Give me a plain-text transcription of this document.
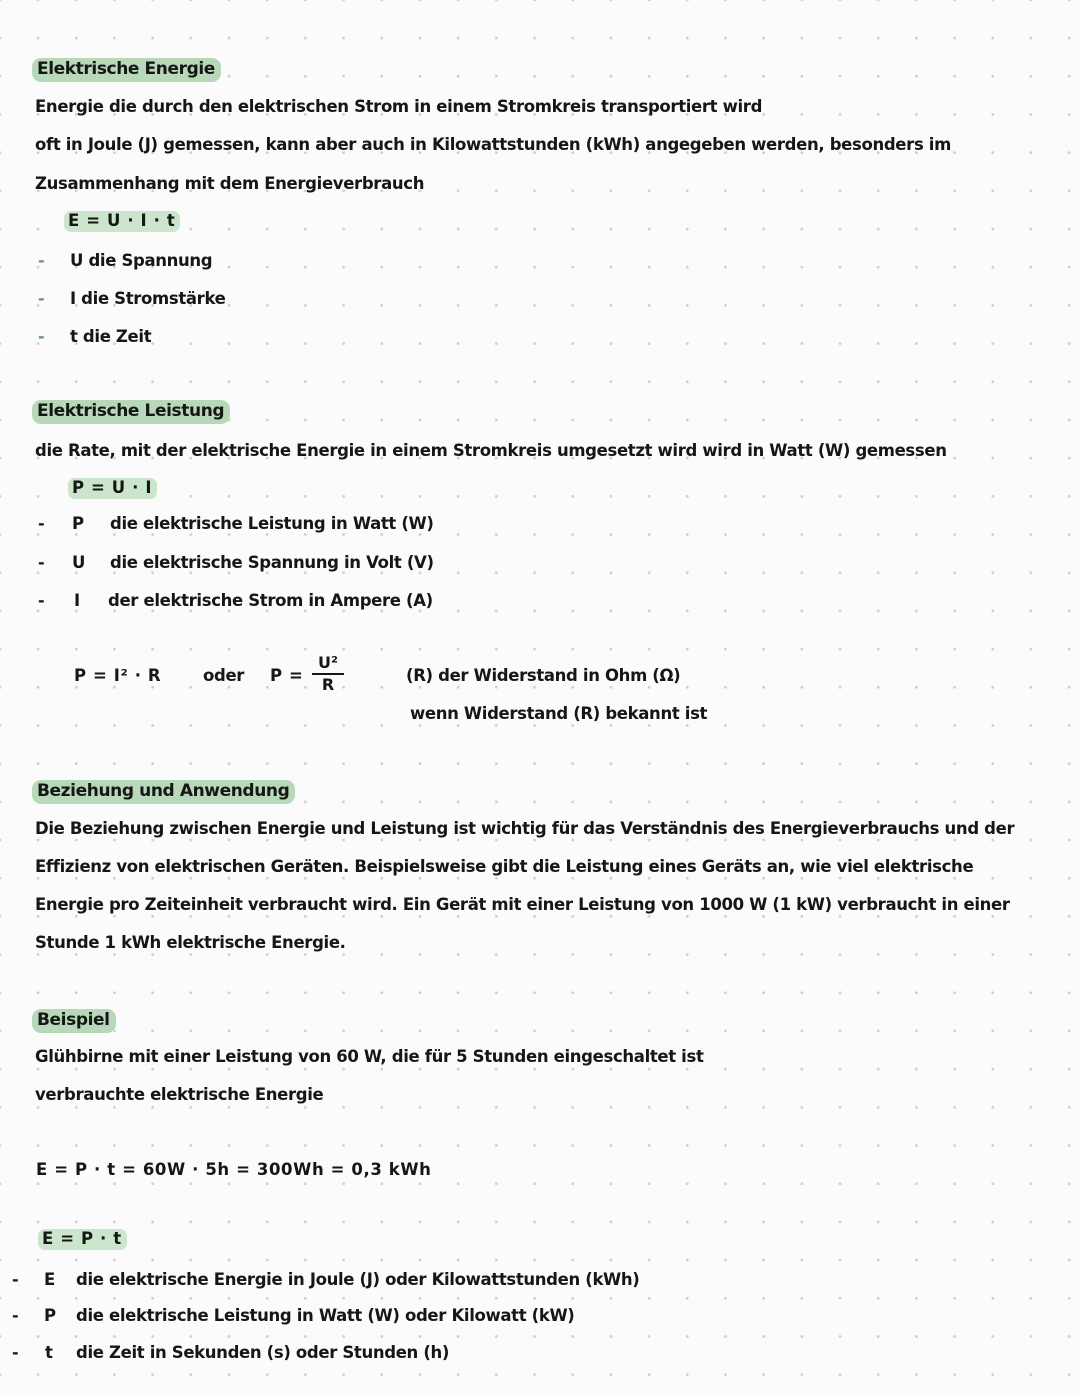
Elektrische Energie
Energie die durch den elektrischen Strom in einem Stromkreis transportiert wird
oft in Joule (J) gemessen, kann aber auch in Kilowattstunden (kWh) angegeben werden, besonders im
Zusammenhang mit dem Energieverbrauch
E = U · I · t
- U die Spannung
- I die Stromstärke
- t die Zeit
Elektrische Leistung
die Rate, mit der elektrische Energie in einem Stromkreis umgesetzt wird wird in Watt (W) gemessen
P = U · I
- P die elektrische Leistung in Watt (W)
- U die elektrische Spannung in Volt (V)
- I der elektrische Strom in Ampere (A)
P = I² · R	oder P =
U²
R	(R) der Widerstand in Ohm (Ω)
wenn Widerstand (R) bekannt ist
Beziehung und Anwendung
Die Beziehung zwischen Energie und Leistung ist wichtig für das Verständnis des Energieverbrauchs und der
Effizienz von elektrischen Geräten. Beispielsweise gibt die Leistung eines Geräts an, wie viel elektrische
Energie pro Zeiteinheit verbraucht wird. Ein Gerät mit einer Leistung von 1000 W (1 kW) verbraucht in einer
Stunde 1 kWh elektrische Energie.
Beispiel
Glühbirne mit einer Leistung von 60 W, die für 5 Stunden eingeschaltet ist
verbrauchte elektrische Energie
E = P · t = 60W · 5h = 300Wh = 0,3 kWh
E = P · t
- E die elektrische Energie in Joule (J) oder Kilowattstunden (kWh)
- P die elektrische Leistung in Watt (W) oder Kilowatt (kW)
- t die Zeit in Sekunden (s) oder Stunden (h)
